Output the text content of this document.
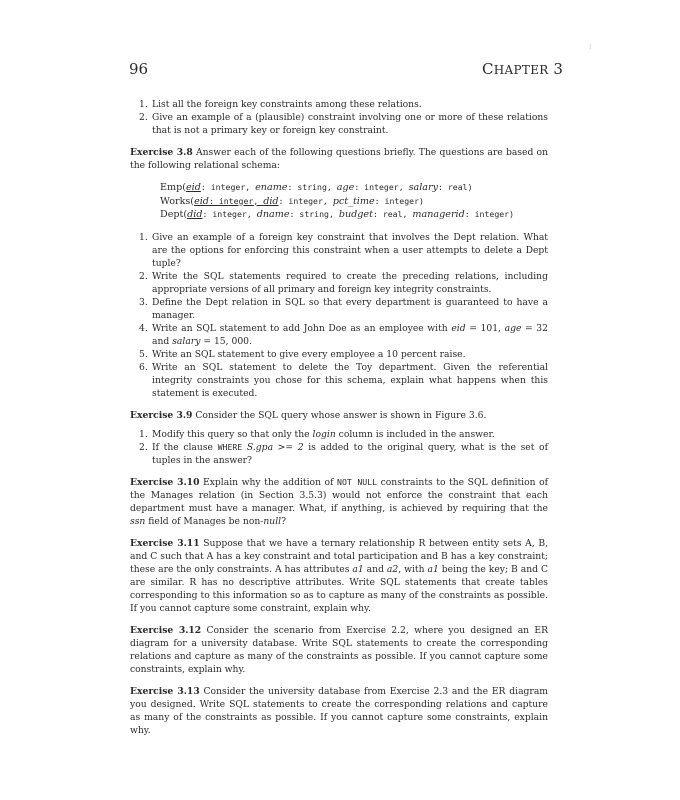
⁝
96	CHAPTER 3
1. List all the foreign key constraints among these relations.
2. Give an example of a (plausible) constraint involving one or more of these relations that is not a primary key or foreign key constraint.

Exercise 3.8 Answer each of the following questions briefly. The questions are based on the following relational schema:

Emp(eid: integer, ename: string, age: integer, salary: real)
Works(eid: integer, did: integer, pct_time: integer)
Dept(did: integer, dname: string, budget: real, managerid: integer)
1. Give an example of a foreign key constraint that involves the Dept relation. What are the options for enforcing this constraint when a user attempts to delete a Dept tuple?
2. Write the SQL statements required to create the preceding relations, including appropriate versions of all primary and foreign key integrity constraints.
3. Define the Dept relation in SQL so that every department is guaranteed to have a manager.
4. Write an SQL statement to add John Doe as an employee with eid = 101, age = 32 and salary = 15, 000.
5. Write an SQL statement to give every employee a 10 percent raise.
6. Write an SQL statement to delete the Toy department. Given the referential integrity constraints you chose for this schema, explain what happens when this statement is executed.

Exercise 3.9 Consider the SQL query whose answer is shown in Figure 3.6.

1. Modify this query so that only the login column is included in the answer.
2. If the clause WHERE S.gpa >= 2 is added to the original query, what is the set of tuples in the answer?

Exercise 3.10 Explain why the addition of NOT NULL constraints to the SQL definition of the Manages relation (in Section 3.5.3) would not enforce the constraint that each department must have a manager. What, if anything, is achieved by requiring that the ssn field of Manages be non-null?

Exercise 3.11 Suppose that we have a ternary relationship R between entity sets A, B, and C such that A has a key constraint and total participation and B has a key constraint; these are the only constraints. A has attributes a1 and a2, with a1 being the key; B and C are similar. R has no descriptive attributes. Write SQL statements that create tables corresponding to this information so as to capture as many of the constraints as possible. If you cannot capture some constraint, explain why.

Exercise 3.12 Consider the scenario from Exercise 2.2, where you designed an ER diagram for a university database. Write SQL statements to create the corresponding relations and capture as many of the constraints as possible. If you cannot capture some constraints, explain why.

Exercise 3.13 Consider the university database from Exercise 2.3 and the ER diagram you designed. Write SQL statements to create the corresponding relations and capture as many of the constraints as possible. If you cannot capture some constraints, explain why.
